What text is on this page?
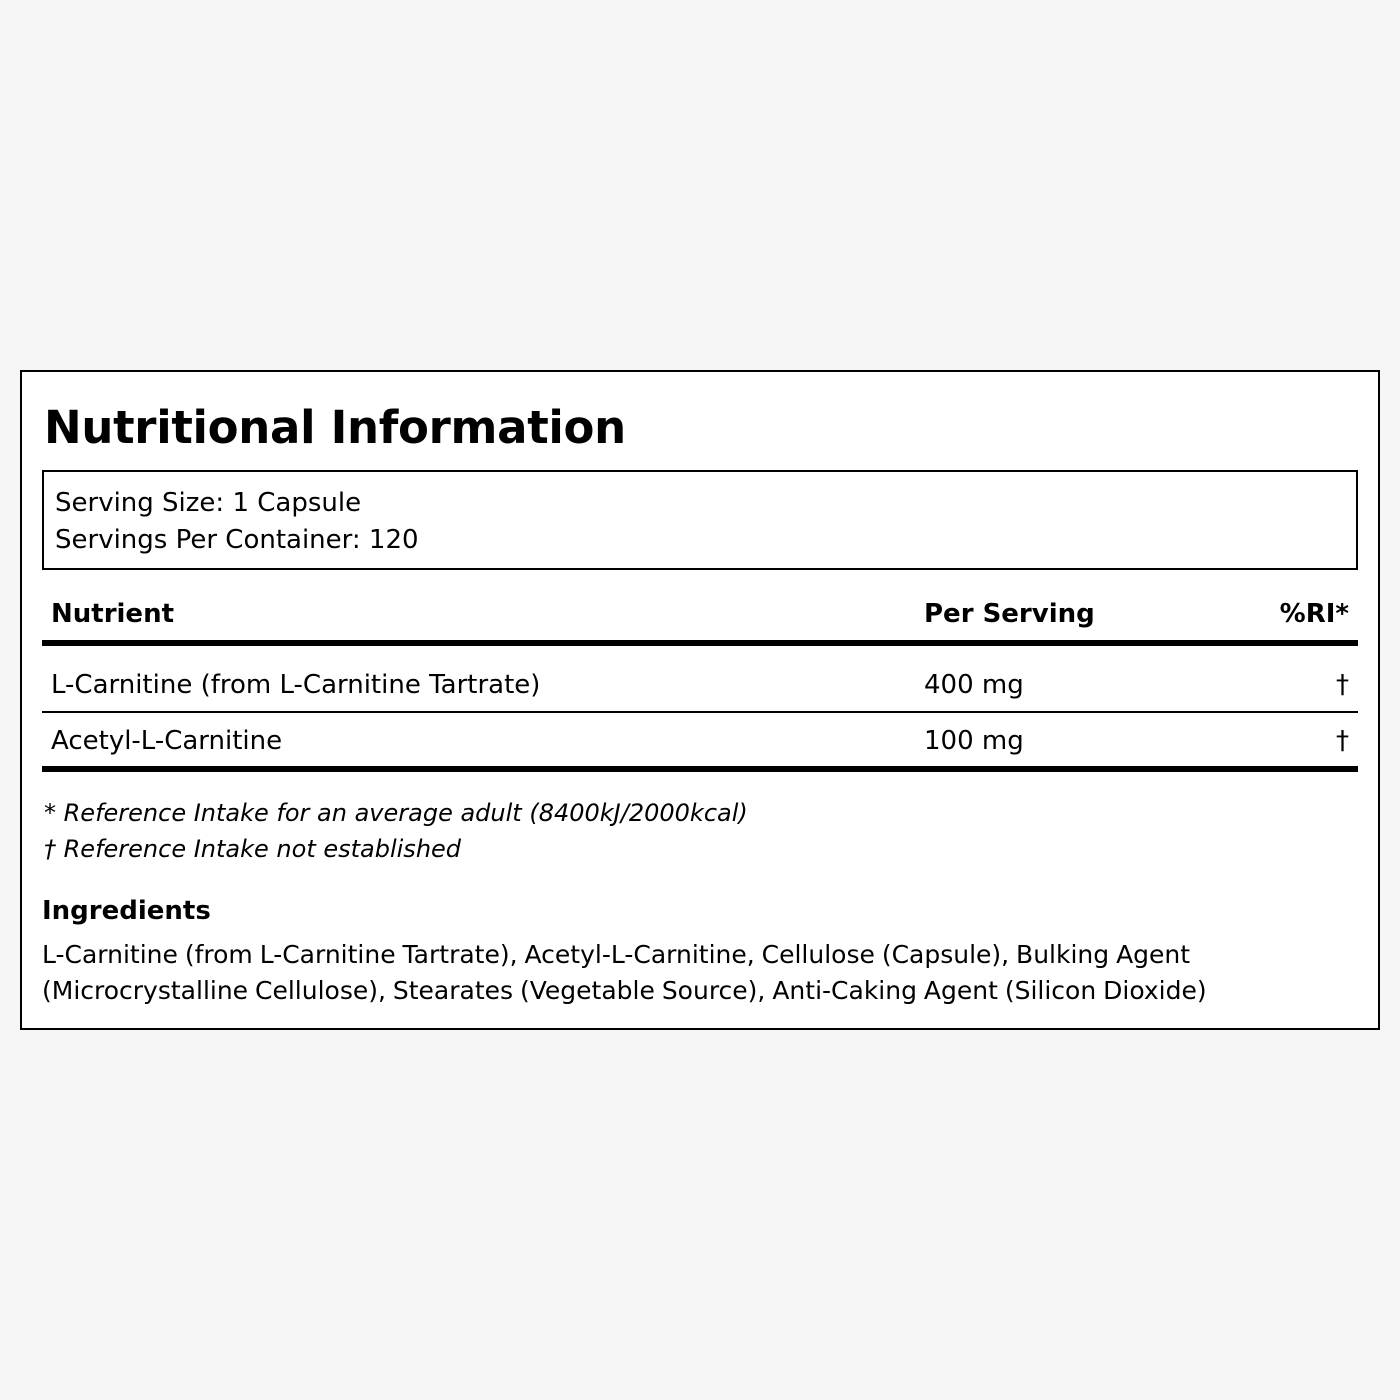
Nutritional Information
Serving Size: 1 Capsule
Servings Per Container: 120
Nutrient	Per Serving	%RI*
L-Carnitine (from L-Carnitine Tartrate)	400 mg	†
Acetyl-L-Carnitine	100 mg	†
* Reference Intake for an average adult (8400kJ/2000kcal)
† Reference Intake not established
Ingredients

L-Carnitine (from L-Carnitine Tartrate), Acetyl-L-Carnitine, Cellulose (Capsule), Bulking Agent (Microcrystalline Cellulose), Stearates (Vegetable Source), Anti-Caking Agent (Silicon Dioxide)
